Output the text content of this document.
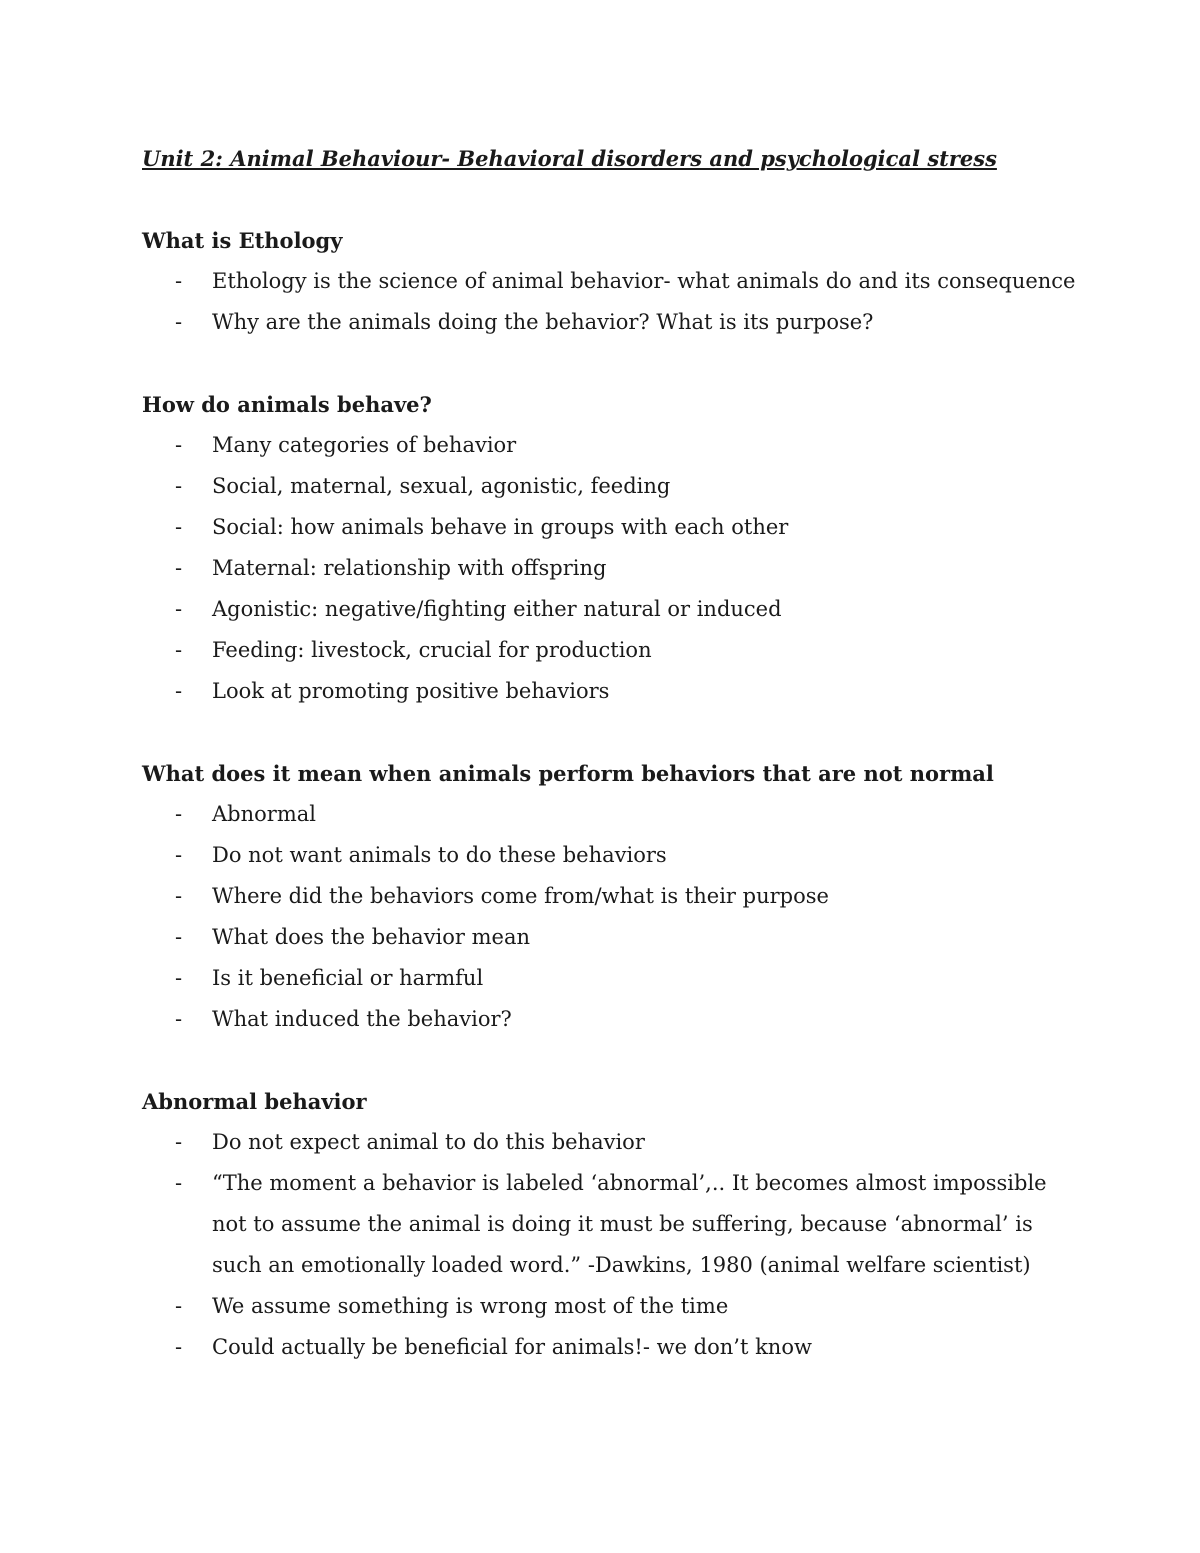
Unit 2: Animal Behaviour- Behavioral disorders and psychological stress
What is Ethology
- Ethology is the science of animal behavior- what animals do and its consequence
- Why are the animals doing the behavior? What is its purpose?
How do animals behave?
- Many categories of behavior
- Social, maternal, sexual, agonistic, feeding
- Social: how animals behave in groups with each other
- Maternal: relationship with offspring
- Agonistic: negative/fighting either natural or induced
- Feeding: livestock, crucial for production
- Look at promoting positive behaviors
What does it mean when animals perform behaviors that are not normal
- Abnormal
- Do not want animals to do these behaviors
- Where did the behaviors come from/what is their purpose
- What does the behavior mean
- Is it beneficial or harmful
- What induced the behavior?
Abnormal behavior
- Do not expect animal to do this behavior
- “The moment a behavior is labeled ‘abnormal’,.. It becomes almost impossible not to assume the animal is doing it must be suffering, because ‘abnormal’ is such an emotionally loaded word.” -Dawkins, 1980 (animal welfare scientist)
- We assume something is wrong most of the time
- Could actually be beneficial for animals!- we don’t know
